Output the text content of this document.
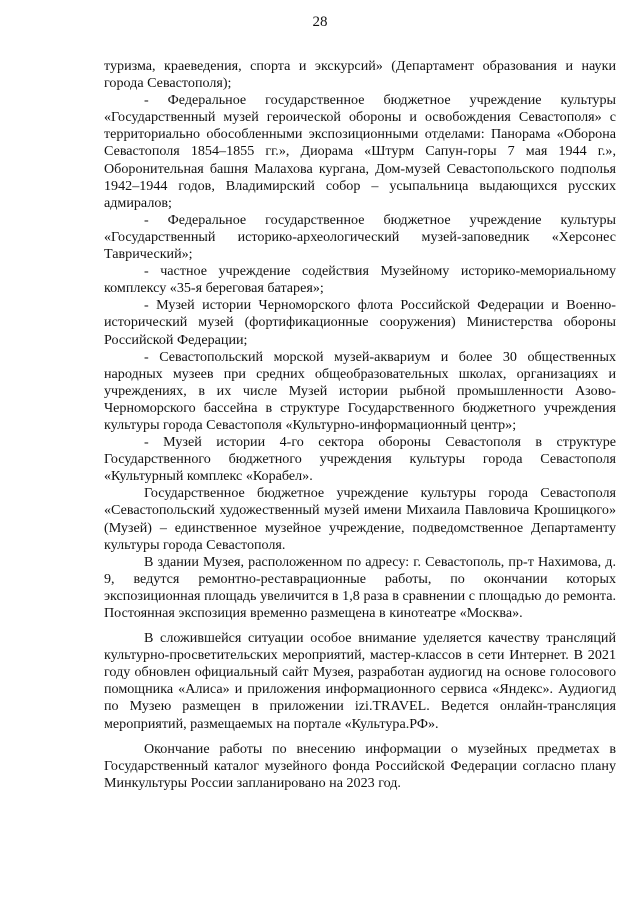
28

туризма, краеведения, спорта и экскурсий» (Департамент образования и науки города Севастополя);

- Федеральное государственное бюджетное учреждение культуры «Государственный музей героической обороны и освобождения Севастополя» с территориально обособленными экспозиционными отделами: Панорама «Оборона Севастополя 1854–1855 гг.», Диорама «Штурм Сапун-горы 7 мая 1944 г.», Оборонительная башня Малахова кургана, Дом-музей Севастопольского подполья 1942–1944 годов, Владимирский собор – усыпальница выдающихся русских адмиралов;

- Федеральное государственное бюджетное учреждение культуры «Государственный историко-археологический музей-заповедник «Херсонес Таврический»;

- частное учреждение содействия Музейному историко-мемориальному комплексу «35-я береговая батарея»;

- Музей истории Черноморского флота Российской Федерации и Военно-исторический музей (фортификационные сооружения) Министерства обороны Российской Федерации;

- Севастопольский морской музей-аквариум и более 30 общественных народных музеев при средних общеобразовательных школах, организациях и учреждениях, в их числе Музей истории рыбной промышленности Азово-Черноморского бассейна в структуре Государственного бюджетного учреждения культуры города Севастополя «Культурно-информационный центр»;

- Музей истории 4-го сектора обороны Севастополя в структуре Государственного бюджетного учреждения культуры города Севастополя «Культурный комплекс «Корабел».

Государственное бюджетное учреждение культуры города Севастополя «Севастопольский художественный музей имени Михаила Павловича Крошицкого» (Музей) – единственное музейное учреждение, подведомственное Департаменту культуры города Севастополя.

В здании Музея, расположенном по адресу: г. Севастополь, пр-т Нахимова, д. 9, ведутся ремонтно-реставрационные работы, по окончании которых экспозиционная площадь увеличится в 1,8 раза в сравнении с площадью до ремонта. Постоянная экспозиция временно размещена в кинотеатре «Москва».

В сложившейся ситуации особое внимание уделяется качеству трансляций культурно-просветительских мероприятий, мастер-классов в сети Интернет. В 2021 году обновлен официальный сайт Музея, разработан аудиогид на основе голосового помощника «Алиса» и приложения информационного сервиса «Яндекс». Аудиогид по Музею размещен в приложении izi.TRAVEL. Ведется онлайн-трансляция мероприятий, размещаемых на портале «Культура.РФ».

Окончание работы по внесению информации о музейных предметах в Государственный каталог музейного фонда Российской Федерации согласно плану Минкультуры России запланировано на 2023 год.
